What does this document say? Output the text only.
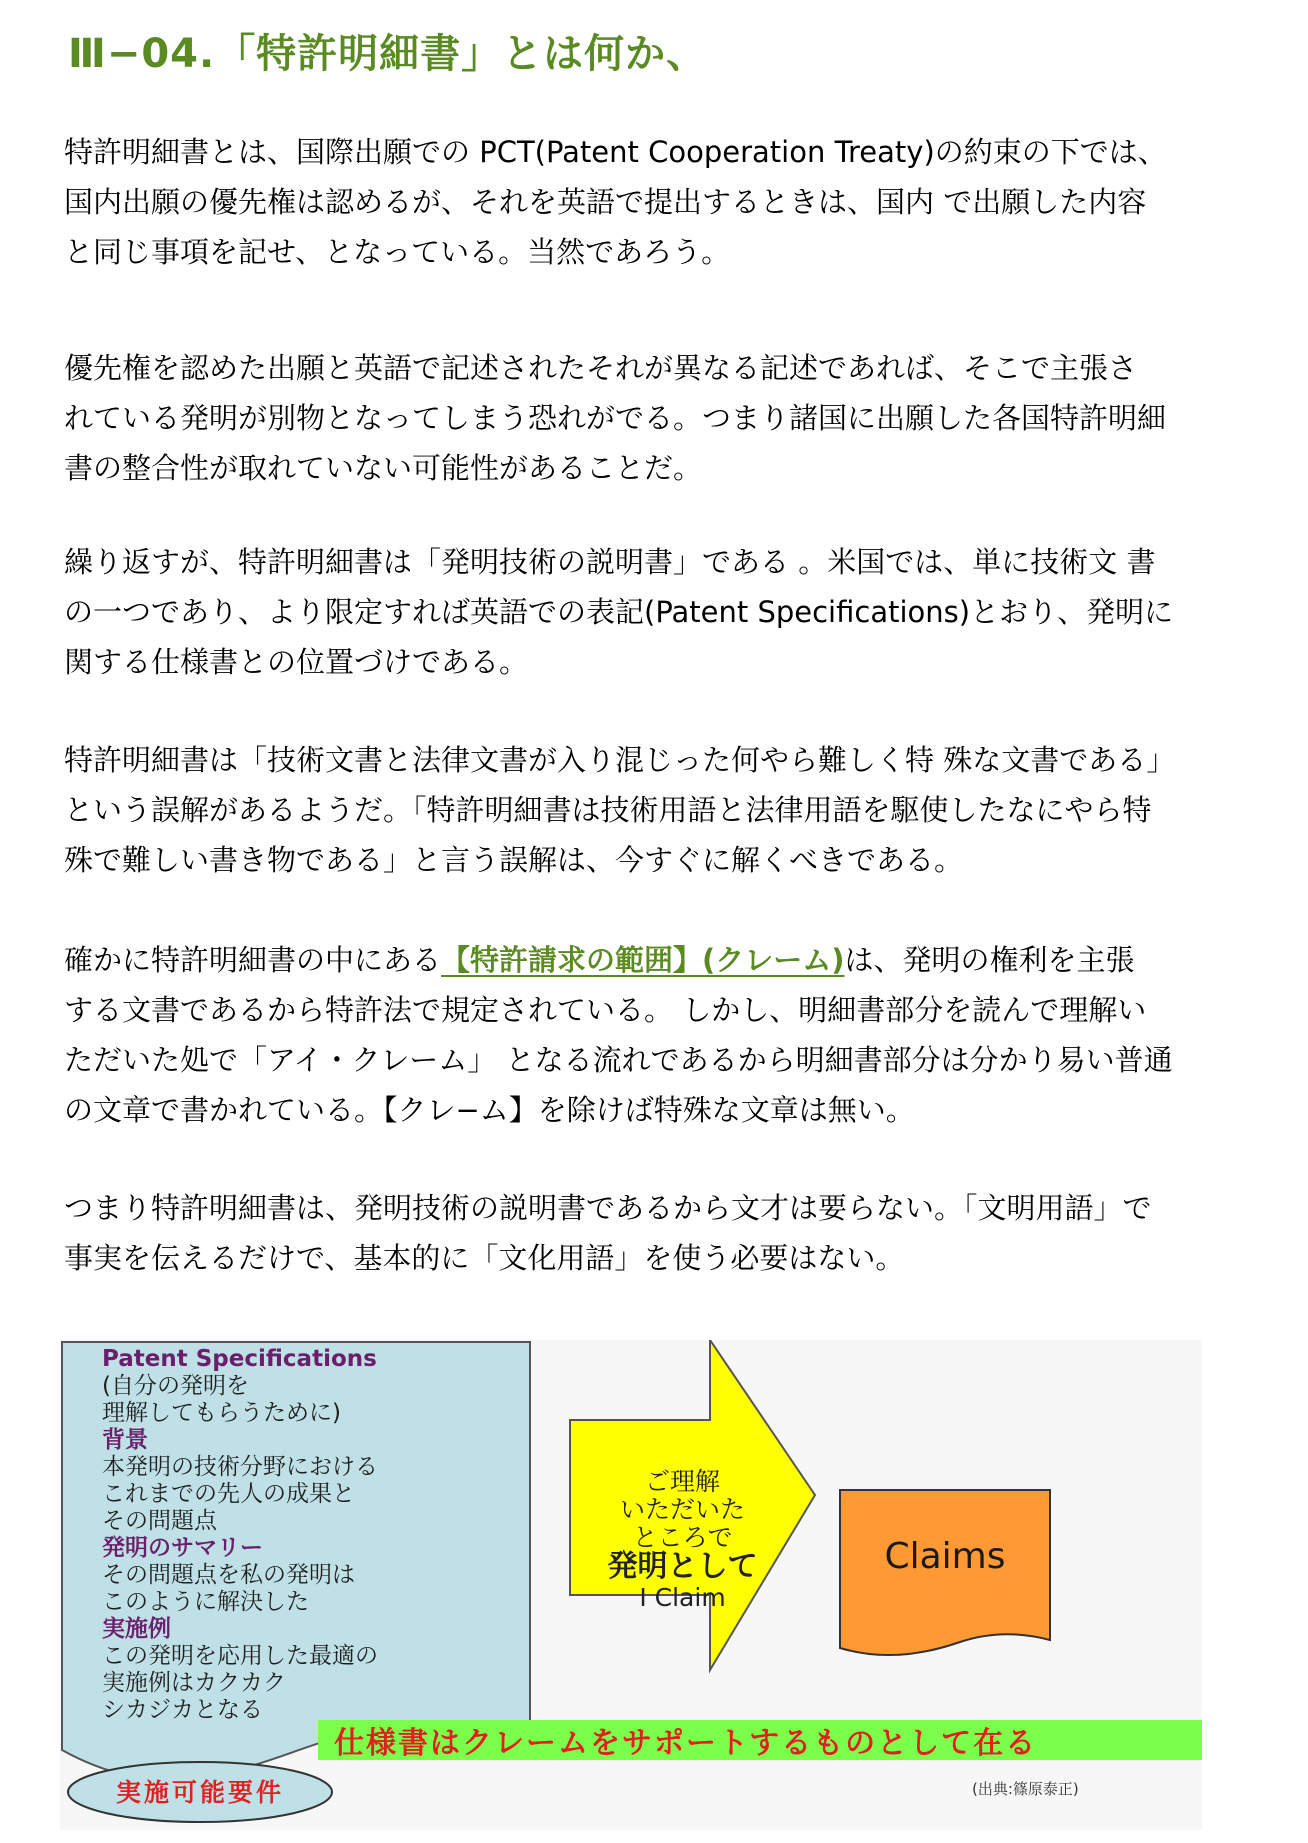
Ⅲ−04.「特許明細書」とは何か、

特許明細書とは、国際出願での PCT(Patent Cooperation Treaty)の約束の下では、
国内出願の優先権は認めるが、それを英語で提出するときは、国内 で出願した内容
と同じ事項を記せ、となっている。当然であろう。

優先権を認めた出願と英語で記述されたそれが異なる記述であれば、そこで主張さ
れている発明が別物となってしまう恐れがでる。つまり諸国に出願した各国特許明細
書の整合性が取れていない可能性があることだ。

繰り返すが、特許明細書は「発明技術の説明書」である 。米国では、単に技術文 書
の一つであり、より限定すれば英語での表記(Patent Specifications)とおり、発明に
関する仕様書との位置づけである。

特許明細書は「技術文書と法律文書が入り混じった何やら難しく特 殊な文書である」
という誤解があるようだ。「特許明細書は技術用語と法律用語を駆使したなにやら特
殊で難しい書き物である」と言う誤解は、今すぐに解くべきである。

確かに特許明細書の中にある【特許請求の範囲】(クレーム)は、発明の権利を主張
する文書であるから特許法で規定されている。 しかし、明細書部分を読んで理解い
ただいた処で「アイ・クレーム」 となる流れであるから明細書部分は分かり易い普通
の文章で書かれている。【クレ−ム】を除けば特殊な文章は無い。

つまり特許明細書は、発明技術の説明書であるから文才は要らない。「文明用語」で
事実を伝えるだけで、基本的に「文化用語」を使う必要はない。

Patent Specifications
(自分の発明を
理解してもらうために)
背景
本発明の技術分野における
これまでの先人の成果と
その問題点
発明のサマリー
その問題点を私の発明は
このように解決した
実施例
この発明を応用した最適の
実施例はカクカク
シカジカとなる
ご理解
いただいた
ところで
発明として
I Claim
Claims
仕様書はクレームをサポートするものとして在る
実施可能要件	(出典:篠原泰正)
